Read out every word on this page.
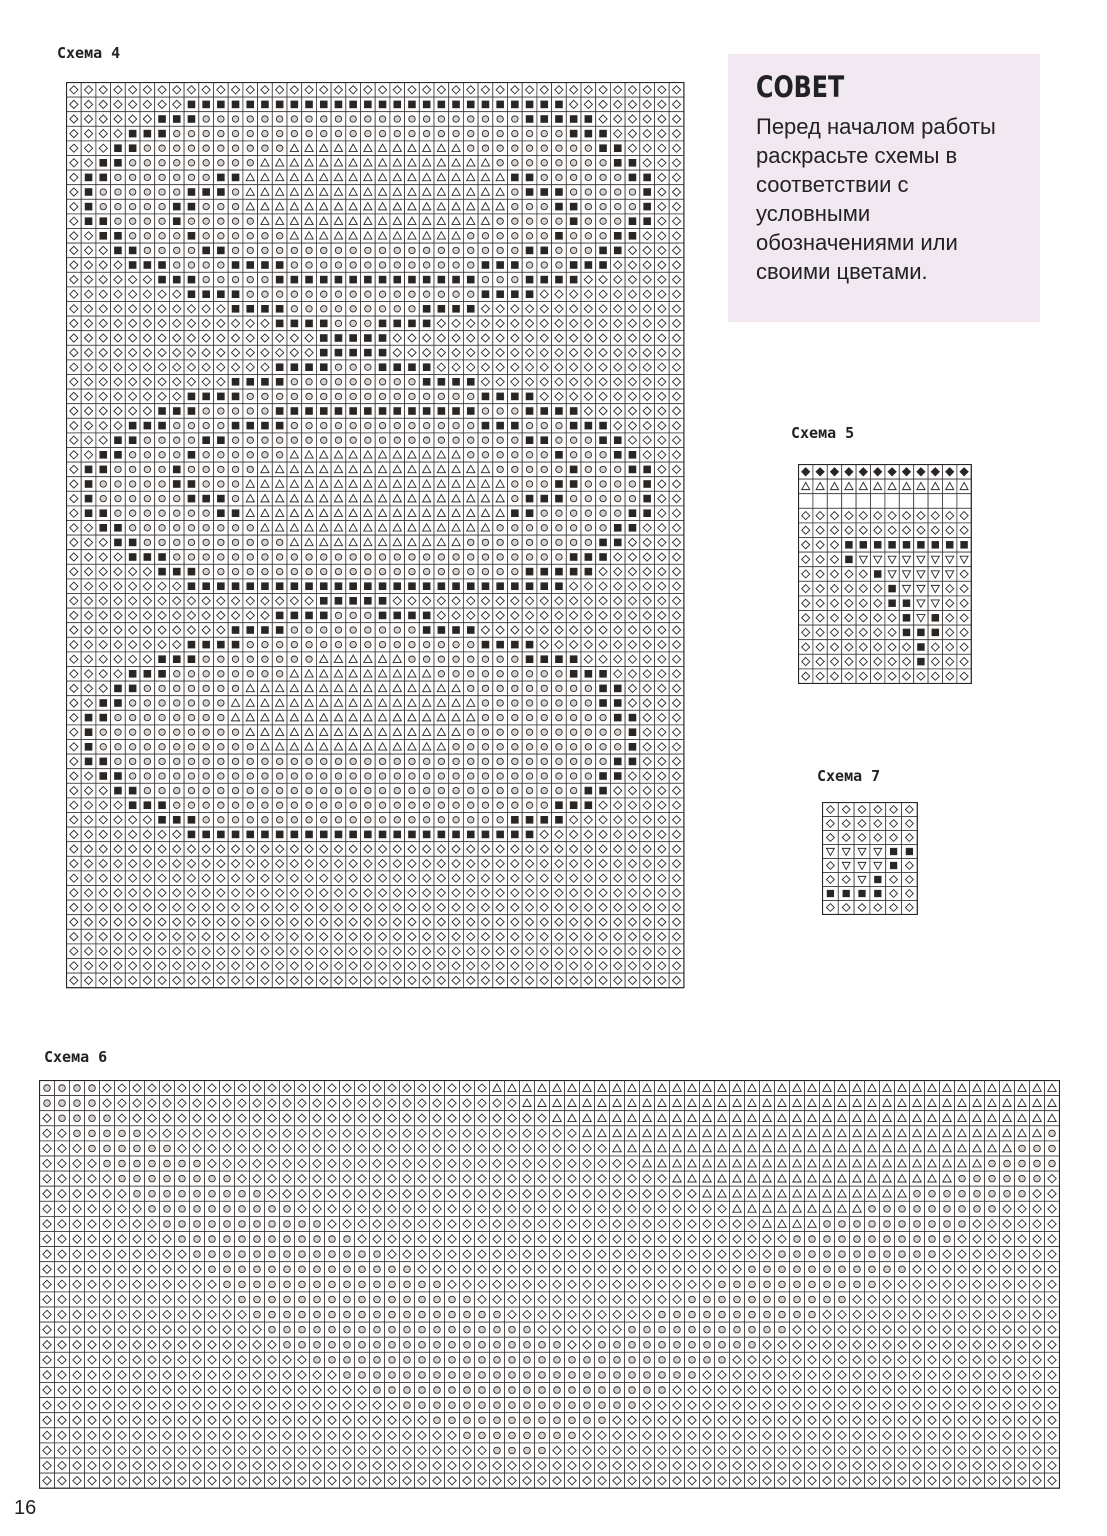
Схема 4

СОВЕТ

Перед началом работы раскрасьте схемы в соответствии с условными обозначениями или своими цветами.

Схема 5

Схема 7

Схема 6

16
